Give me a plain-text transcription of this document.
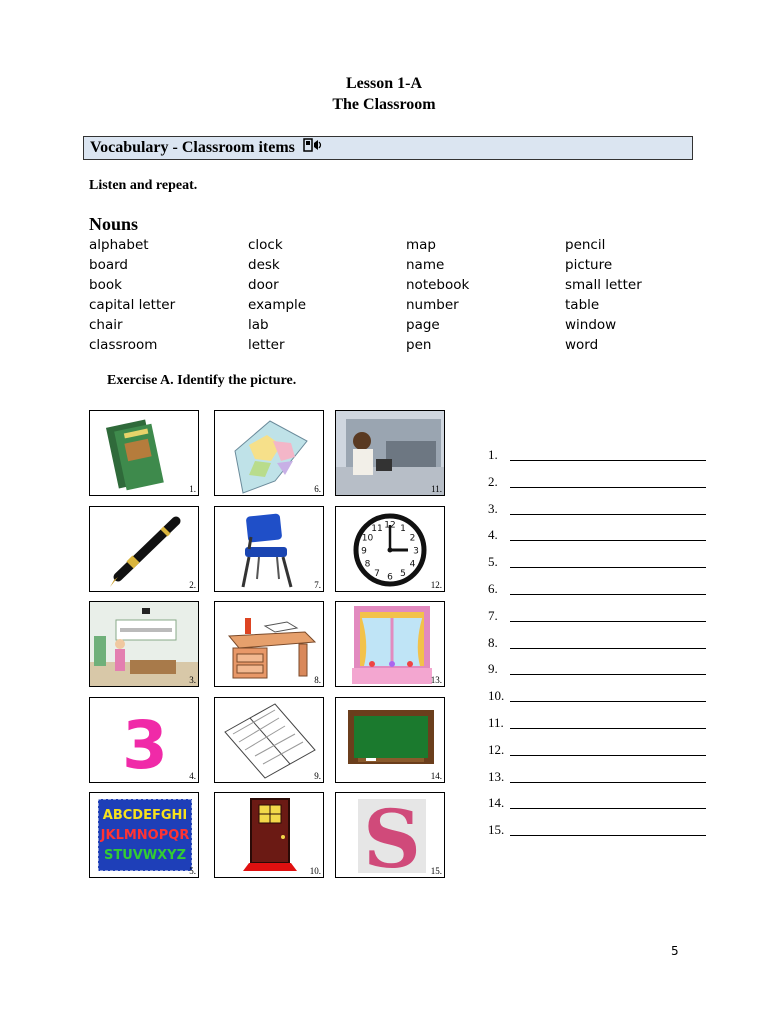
Lesson 1-A
The Classroom
Vocabulary - Classroom items
Listen and repeat.
Nouns
alphabet
board
book
capital letter
chair
classroom
clock
desk
door
example
lab
letter
map
name
notebook
number
page
pen
pencil
picture
small letter
table
window
word
Exercise A. Identify the picture.
1.
2.
3.
3 4.
ABCDEFGHI
JKLMNOPQR
STUVWXYZ
5.
6.
7.
8.
9.
10.
11.
12 1
2
3
4
5
6
7
8
9
10
11
12.
13.
14.
S 15.
1.
2.
3.
4.
5.
6.
7.
8.
9.
10.
11.
12.
13.
14.
15.
5
